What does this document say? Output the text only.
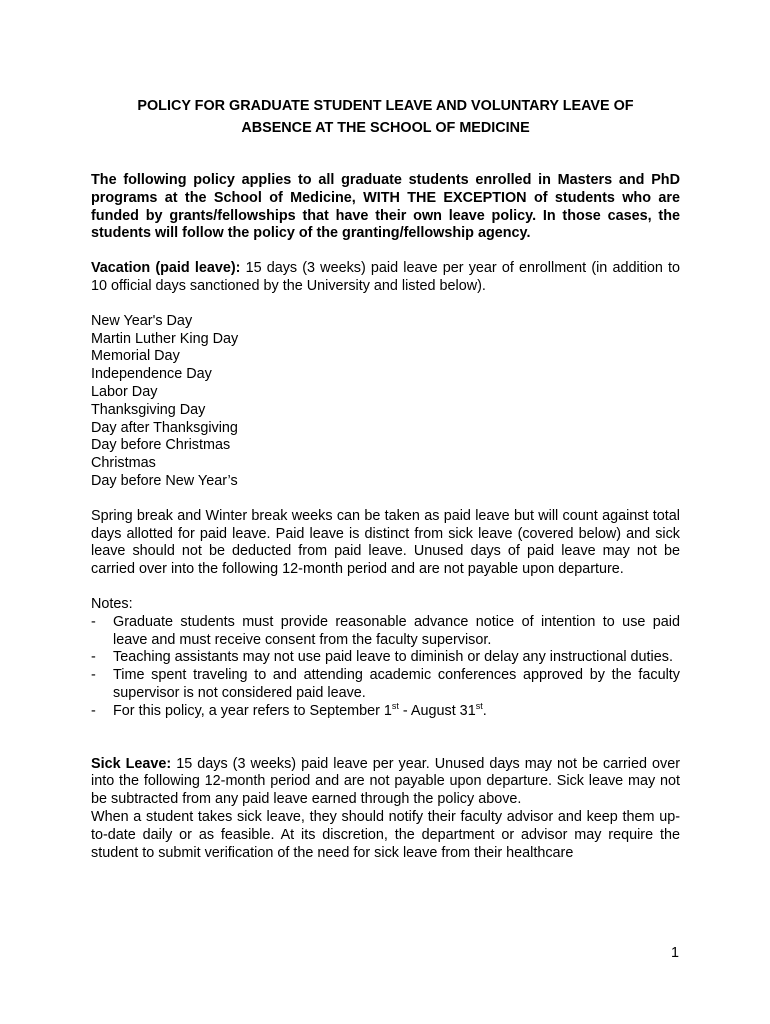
POLICY FOR GRADUATE STUDENT LEAVE AND VOLUNTARY LEAVE OF
ABSENCE AT THE SCHOOL OF MEDICINE

The following policy applies to all graduate students enrolled in Masters and PhD programs at the School of Medicine, WITH THE EXCEPTION of students who are funded by grants/fellowships that have their own leave policy. In those cases, the students will follow the policy of the granting/fellowship agency.

Vacation (paid leave): 15 days (3 weeks) paid leave per year of enrollment (in addition to 10 official days sanctioned by the University and listed below).

New Year's Day
Martin Luther King Day
Memorial Day
Independence Day
Labor Day
Thanksgiving Day
Day after Thanksgiving
Day before Christmas
Christmas
Day before New Year’s

Spring break and Winter break weeks can be taken as paid leave but will count against total days allotted for paid leave. Paid leave is distinct from sick leave (covered below) and sick leave should not be deducted from paid leave. Unused days of paid leave may not be carried over into the following 12-month period and are not payable upon departure.

Notes:

- Graduate students must provide reasonable advance notice of intention to use paid leave and must receive consent from the faculty supervisor.
- Teaching assistants may not use paid leave to diminish or delay any instructional duties.
- Time spent traveling to and attending academic conferences approved by the faculty supervisor is not considered paid leave.
- For this policy, a year refers to September 1st - August 31st.

Sick Leave: 15 days (3 weeks) paid leave per year. Unused days may not be carried over into the following 12-month period and are not payable upon departure. Sick leave may not be subtracted from any paid leave earned through the policy above.

When a student takes sick leave, they should notify their faculty advisor and keep them up-to-date daily or as feasible. At its discretion, the department or advisor may require the student to submit verification of the need for sick leave from their healthcare

1
